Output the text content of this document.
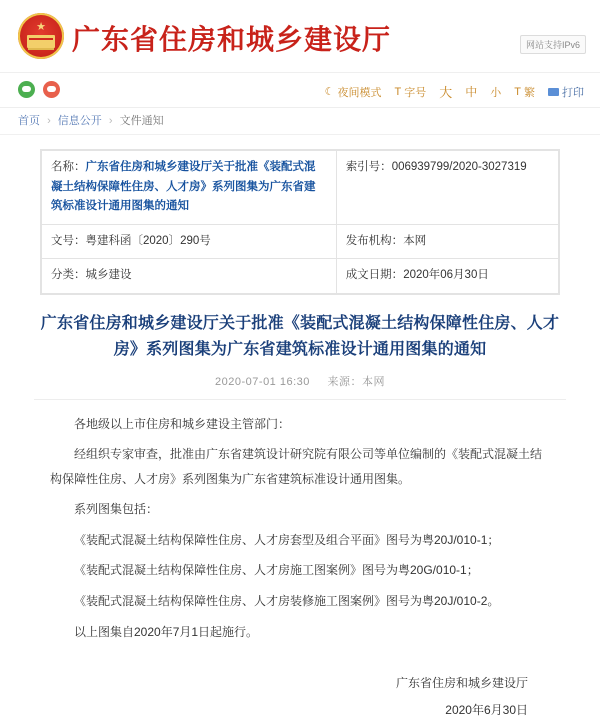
★ 广东省住房和城乡建设厅	网站支持IPv6
☾ 夜间模式 T 字号 大 中 小 T 繁 打印
首页 › 信息公开 › 文件通知
名称：广东省住房和城乡建设厅关于批准《装配式混凝土结构保障性住房、人才房》系列图集为广东省建筑标准设计通用图集的通知	索引号：006939799/2020-3027319
文号：粤建科函〔2020〕290号	发布机构：本网
分类：城乡建设	成文日期：2020年06月30日
广东省住房和城乡建设厅关于批准《装配式混凝土结构保障性住房、人才房》系列图集为广东省建筑标准设计通用图集的通知
2020-07-01 16:30 来源：本网

各地级以上市住房和城乡建设主管部门：

经组织专家审查，批准由广东省建筑设计研究院有限公司等单位编制的《装配式混凝土结构保障性住房、人才房》系列图集为广东省建筑标准设计通用图集。

系列图集包括：

《装配式混凝土结构保障性住房、人才房套型及组合平面》图号为粤20J/010-1；

《装配式混凝土结构保障性住房、人才房施工图案例》图号为粤20G/010-1；

《装配式混凝土结构保障性住房、人才房装修施工图案例》图号为粤20J/010-2。

以上图集自2020年7月1日起施行。

广东省住房和城乡建设厅
2020年6月30日
